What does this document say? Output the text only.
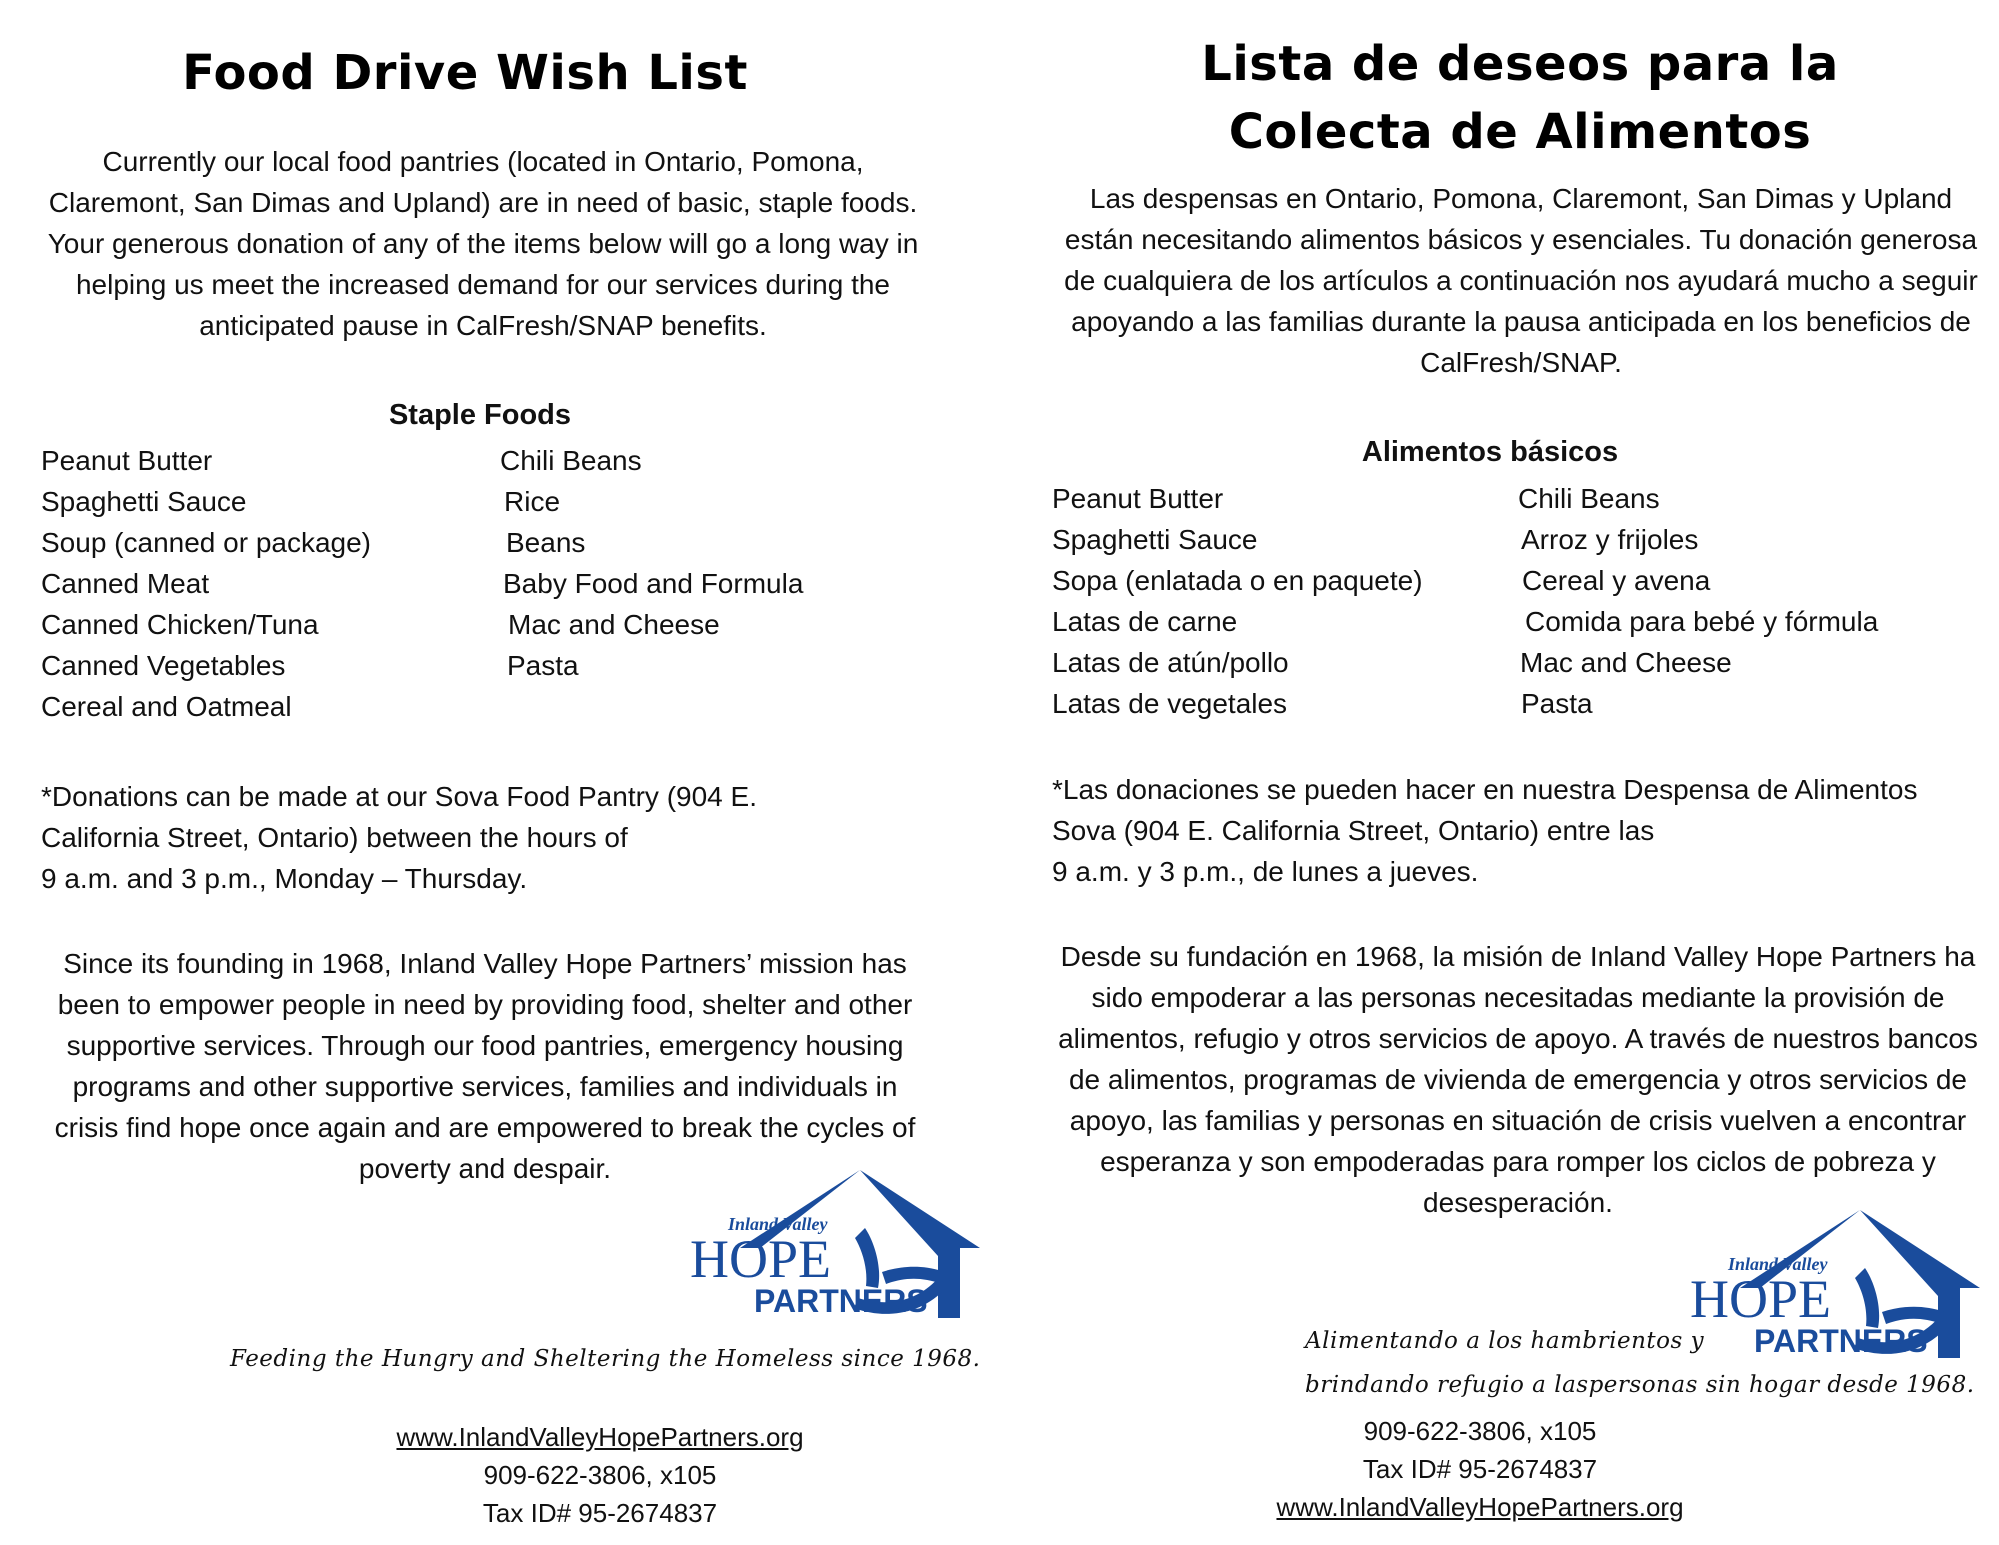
Food Drive Wish List

Currently our local food pantries (located in Ontario, Pomona, Claremont, San Dimas and Upland) are in need of basic, staple foods. Your generous donation of any of the items below will go a long way in helping us meet the increased demand for our services during the anticipated pause in CalFresh/SNAP benefits.

Staple Foods
Peanut Butter
Spaghetti Sauce
Soup (canned or package)
Canned Meat
Canned Chicken/Tuna
Canned Vegetables
Cereal and Oatmeal
Chili Beans
Rice
Beans
Baby Food and Formula
Mac and Cheese
Pasta
*Donations can be made at our Sova Food Pantry (904 E.
California Street, Ontario) between the hours of
9 a.m. and 3 p.m., Monday – Thursday.

Since its founding in 1968, Inland Valley Hope Partners’ mission has been to empower people in need by providing food, shelter and other supportive services. Through our food pantries, emergency housing programs and other supportive services, families and individuals in crisis find hope once again and are empowered to break the cycles of poverty and despair.

Inland Valley
HOPE
PARTNERS
Feeding the Hungry and Sheltering the Homeless since 1968.
www.InlandValleyHopePartners.org
909-622-3806, x105
Tax ID# 95-2674837
Lista de deseos para la
Colecta de Alimentos

Las despensas en Ontario, Pomona, Claremont, San Dimas y Upland están necesitando alimentos básicos y esenciales. Tu donación generosa de cualquiera de los artículos a continuación nos ayudará mucho a seguir apoyando a las familias durante la pausa anticipada en los beneficios de CalFresh/SNAP.

Alimentos básicos
Peanut Butter
Spaghetti Sauce
Sopa (enlatada o en paquete)
Latas de carne
Latas de atún/pollo
Latas de vegetales
Chili Beans
Arroz y frijoles
Cereal y avena
Comida para bebé y fórmula
Mac and Cheese
Pasta
*Las donaciones se pueden hacer en nuestra Despensa de Alimentos
Sova (904 E. California Street, Ontario) entre las
9 a.m. y 3 p.m., de lunes a jueves.

Desde su fundación en 1968, la misión de Inland Valley Hope Partners ha sido empoderar a las personas necesitadas mediante la provisión de alimentos, refugio y otros servicios de apoyo. A través de nuestros bancos de alimentos, programas de vivienda de emergencia y otros servicios de apoyo, las familias y personas en situación de crisis vuelven a encontrar esperanza y son empoderadas para romper los ciclos de pobreza y desesperación.

Inland Valley
HOPE
PARTNERS
Alimentando a los hambrientos y
brindando refugio a laspersonas sin hogar desde 1968.
909-622-3806, x105
Tax ID# 95-2674837
www.InlandValleyHopePartners.org
